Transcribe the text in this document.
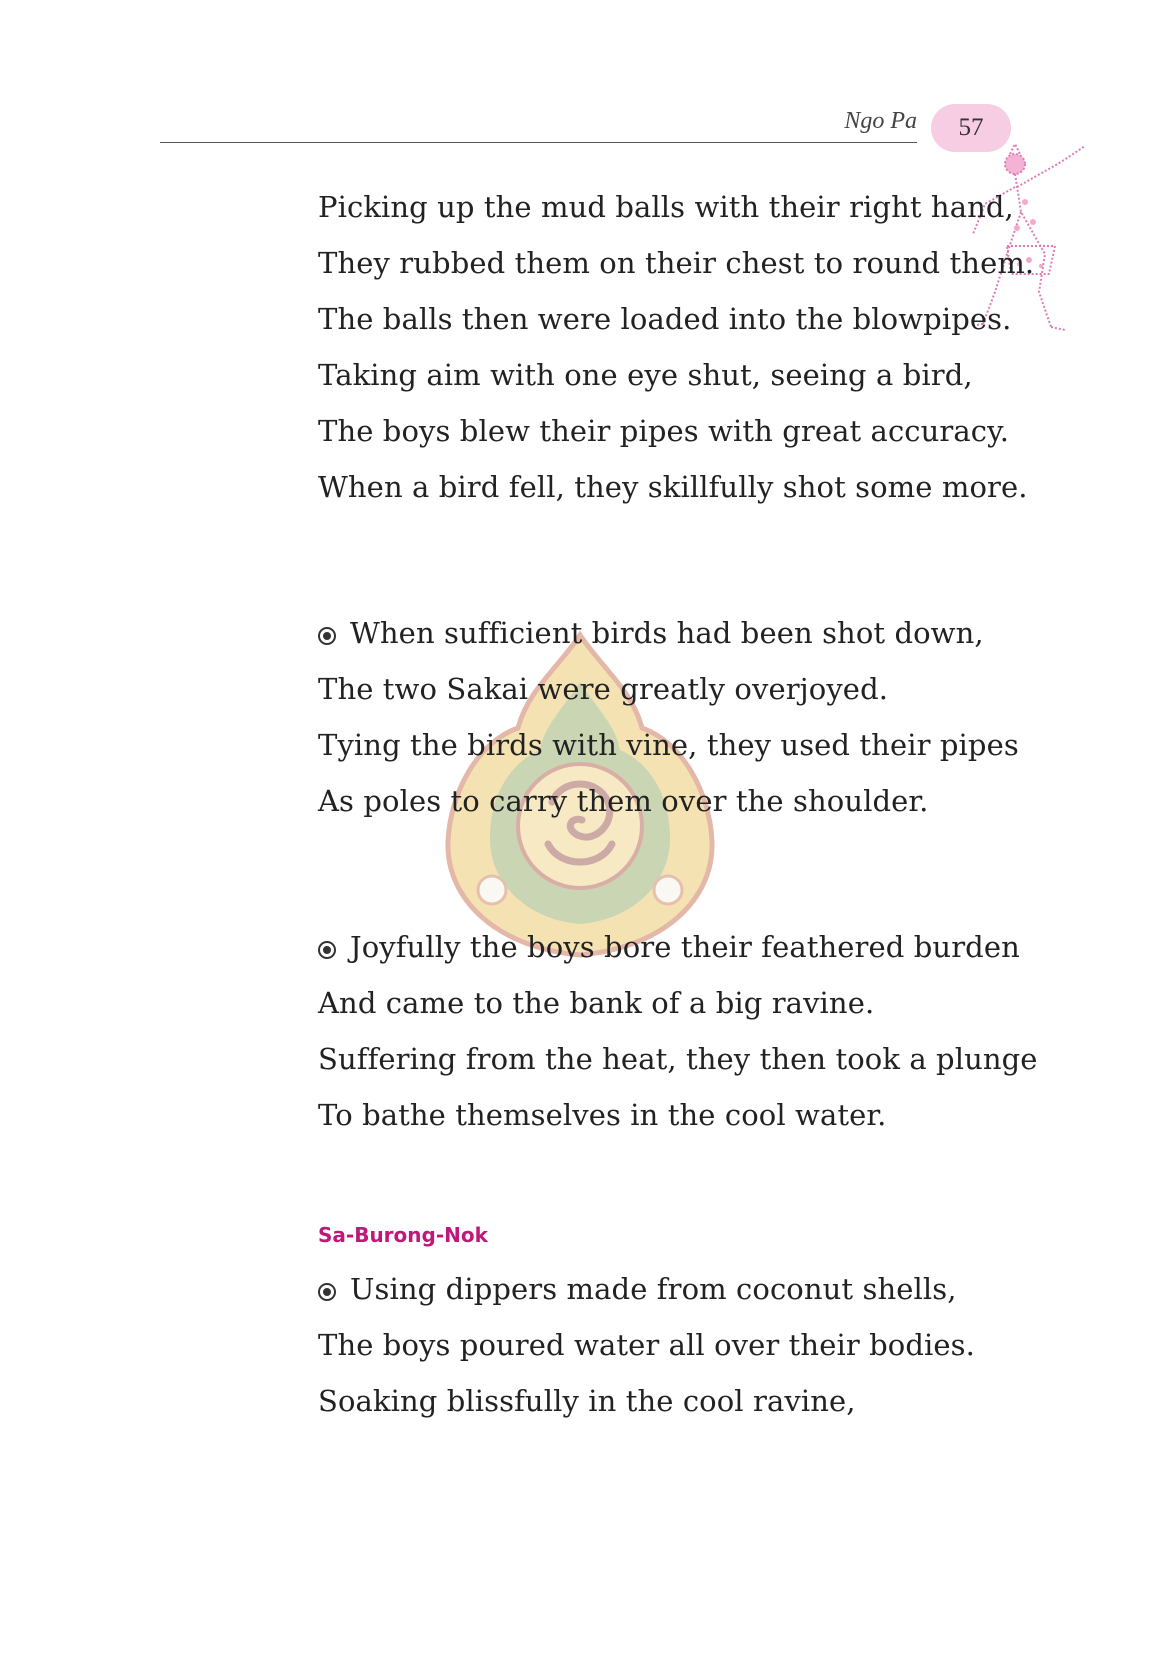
Ngo Pa	57
Picking up the mud balls with their right hand,
They rubbed them on their chest to round them.
The balls then were loaded into the blowpipes.
Taking aim with one eye shut, seeing a bird,
The boys blew their pipes with great accuracy.
When a bird fell, they skillfully shot some more.
When sufficient birds had been shot down,
The two Sakai were greatly overjoyed.
Tying the birds with vine, they used their pipes
As poles to carry them over the shoulder.
Joyfully the boys bore their feathered burden
And came to the bank of a big ravine.
Suffering from the heat, they then took a plunge
To bathe themselves in the cool water.
Sa-Burong-Nok
Using dippers made from coconut shells,
The boys poured water all over their bodies.
Soaking blissfully in the cool ravine,
